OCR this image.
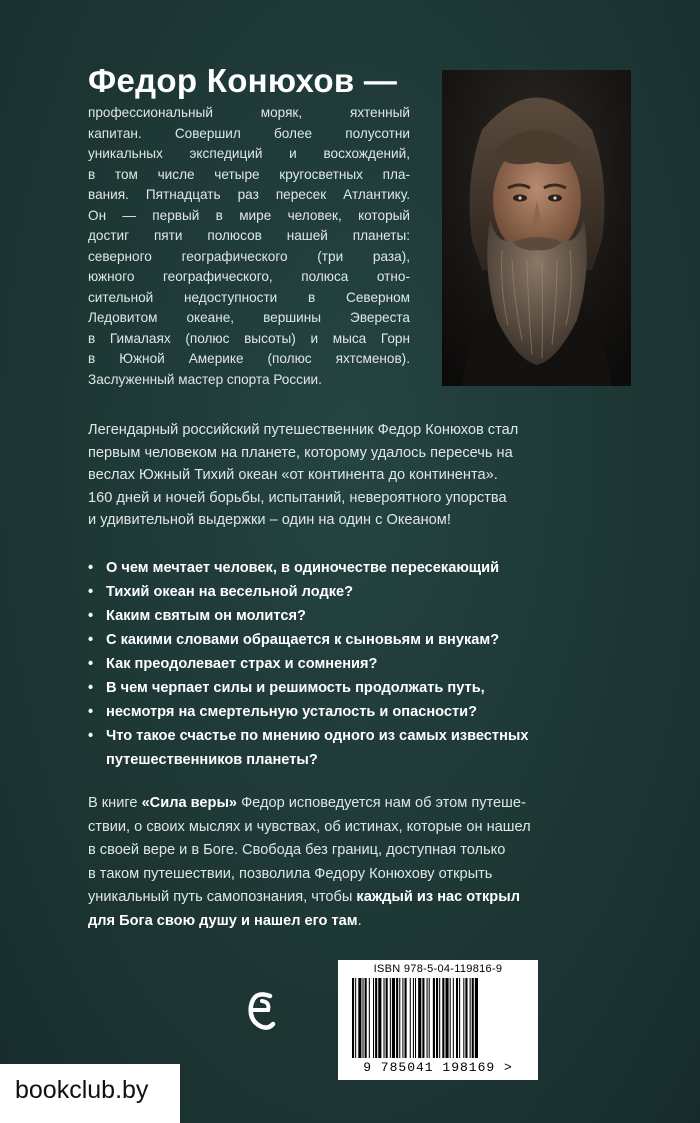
Федор Конюхов —
профессиональный моряк, яхтенный
капитан. Совершил более полусотни
уникальных экспедиций и восхождений,
в том числе четыре кругосветных пла-
вания. Пятнадцать раз пересек Атлантику.
Он — первый в мире человек, который
достиг пяти полюсов нашей планеты:
северного географического (три раза),
южного географического, полюса отно-
сительной недоступности в Северном
Ледовитом океане, вершины Эвереста
в Гималаях (полюс высоты) и мыса Горн
в Южной Америке (полюс яхтсменов).
Заслуженный мастер спорта России.
Легендарный российский путешественник Федор Конюхов стал
первым человеком на планете, которому удалось пересечь на
веслах Южный Тихий океан «от континента до континента».
160 дней и ночей борьбы, испытаний, невероятного упорства
и удивительной выдержки – один на один с Океаном!
• О чем мечтает человек, в одиночестве пересекающий
• Тихий океан на весельной лодке?
• Каким святым он молится?
• С какими словами обращается к сыновьям и внукам?
• Как преодолевает страх и сомнения?
• В чем черпает силы и решимость продолжать путь,
• несмотря на смертельную усталость и опасности?
• Что такое счастье по мнению одного из самых известных
путешественников планеты?
В книге «Сила веры» Федор исповедуется нам об этом путеше-
ствии, о своих мыслях и чувствах, об истинах, которые он нашел
в своей вере и в Боге. Свобода без границ, доступная только
в таком путешествии, позволила Федору Конюхову открыть
уникальный путь самопознания, чтобы каждый из нас открыл
для Бога свою душу и нашел его там.
ISBN 978-5-04-119816-9
9 785041 198169 >
bookclub.by
